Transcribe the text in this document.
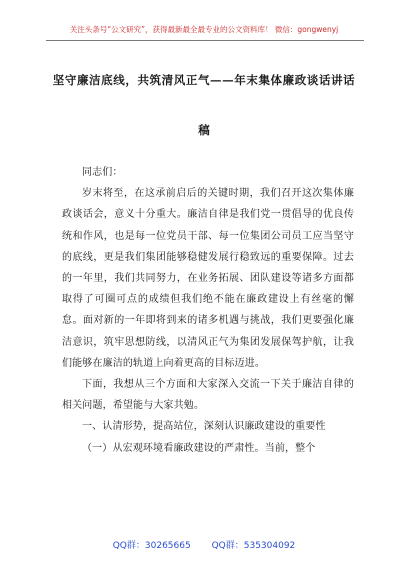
关注头条号“公文研究”，获得最新最全最专业的公文资料库！ 微信：gongwenyj
坚守廉洁底线，共筑清风正气——年末集体廉政谈话讲话
稿

同志们：

岁末将至，在这承前启后的关键时期，我们召开这次集体廉政谈话会，意义十分重大。廉洁自律是我们党一贯倡导的优良传统和作风，也是每一位党员干部、每一位集团公司员工应当坚守的底线，更是我们集团能够稳健发展行稳致远的重要保障。过去的一年里，我们共同努力，在业务拓展、团队建设等诸多方面都取得了可圈可点的成绩但我们绝不能在廉政建设上有丝毫的懈怠。面对新的一年即将到来的诸多机遇与挑战，我们更要强化廉洁意识，筑牢思想防线，以清风正气为集团发展保驾护航，让我们能够在廉洁的轨道上向着更高的目标迈进。

下面，我想从三个方面和大家深入交流一下关于廉洁自律的相关问题，希望能与大家共勉。

一、认清形势，提高站位，深刻认识廉政建设的重要性

（一）从宏观环境看廉政建设的严肃性。当前，整个

QQ群：30265665 QQ群：535304092
